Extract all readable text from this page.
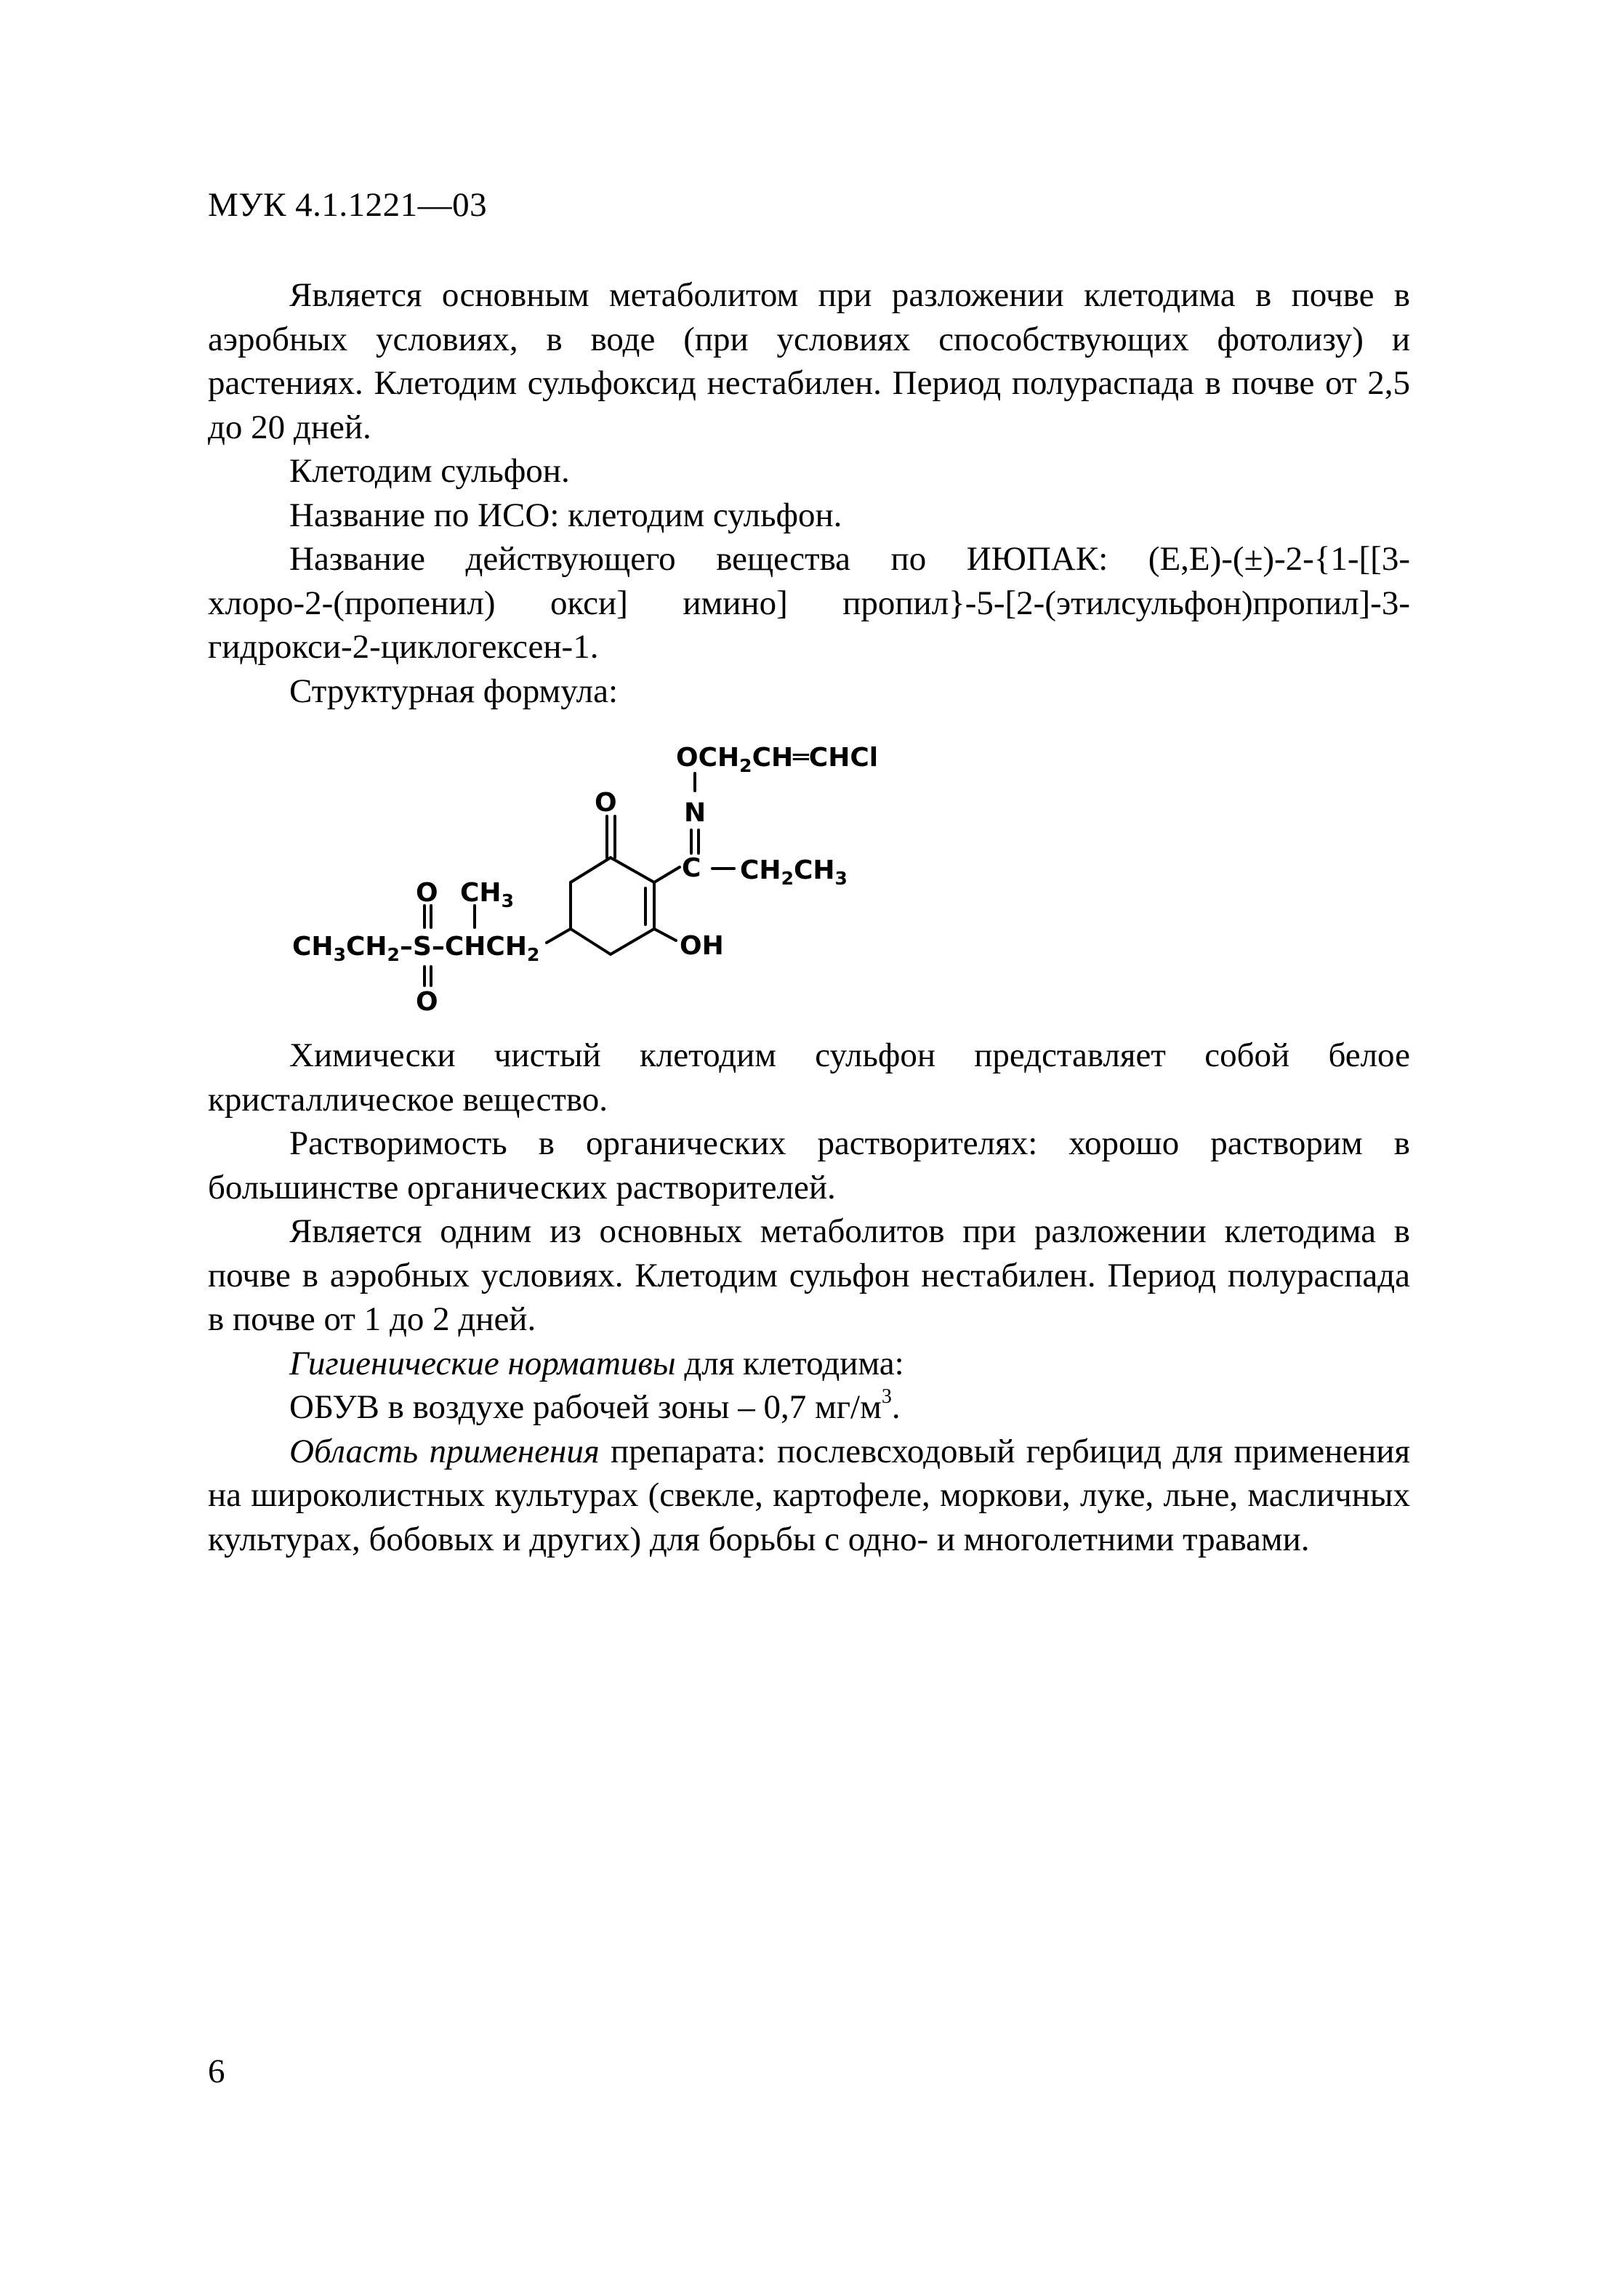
МУК 4.1.1221—03

Является основным метаболитом при разложении клетодима в почве в аэробных условиях, в воде (при условиях способствующих фотолизу) и растениях. Клетодим сульфоксид нестабилен. Период полураспада в почве от 2,5 до 20 дней.

Клетодим сульфон.

Название по ИСО: клетодим сульфон.

Название действующего вещества по ИЮПАК: (E,E)-(±)-2-{1-[[3-

хлоро-2-(пропенил) окси] имино] пропил}-5-[2-(этилсульфон)пропил]-3-

гидрокси-2-циклогексен-1.

Структурная формула:

$OCH_2CH═CHCl$
N
O
C $CH_2CH_3$
OH
O $CH_3$
$CH_3CH_2-S-CHCH_2$
O

Химически чистый клетодим сульфон представляет собой белое кристаллическое вещество.

Растворимость в органических растворителях: хорошо растворим в большинстве органических растворителей.

Является одним из основных метаболитов при разложении клетодима в почве в аэробных условиях. Клетодим сульфон нестабилен. Период полураспада в почве от 1 до 2 дней.

Гигиенические нормативы для клетодима:

ОБУВ в воздухе рабочей зоны – 0,7 $мг/м^3$.

Область применения препарата: послевсходовый гербицид для применения на широколистных культурах (свекле, картофеле, моркови, луке, льне, масличных культурах, бобовых и других) для борьбы с одно- и многолетними травами.

6
